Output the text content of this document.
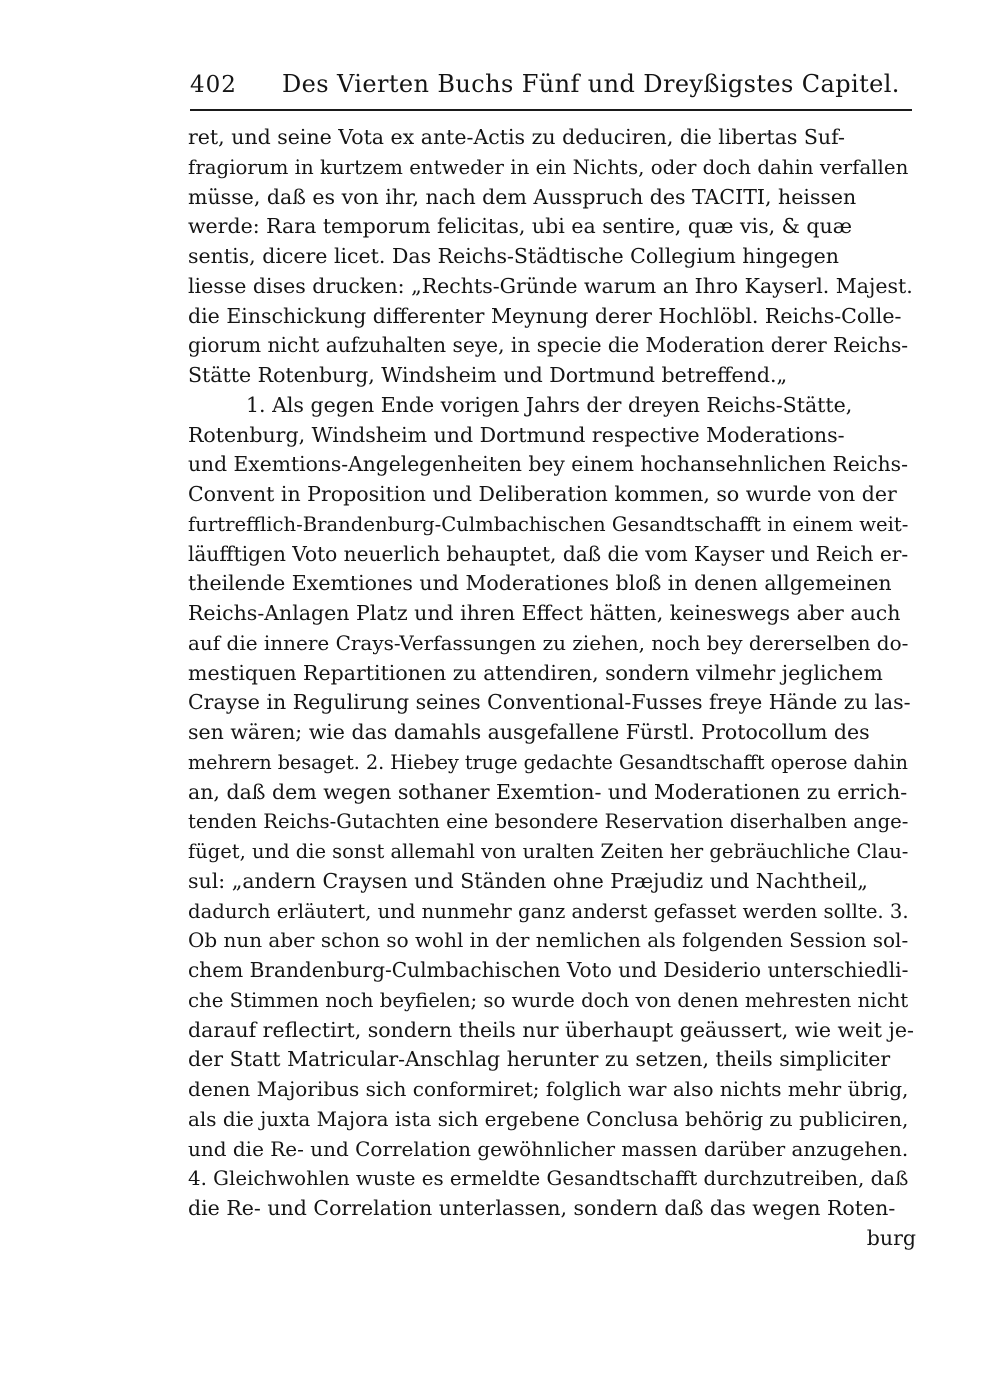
402 Des Vierten Buchs Fünf und Dreyßigstes Capitel.
ret, und seine Vota ex ante-Actis zu deduciren, die libertas Suf-
fragiorum in kurtzem entweder in ein Nichts, oder doch dahin verfallen
müsse, daß es von ihr, nach dem Ausspruch des TACITI, heissen
werde: Rara temporum felicitas, ubi ea sentire, quæ vis, & quæ
sentis, dicere licet. Das Reichs-Städtische Collegium hingegen
liesse dises drucken: „Rechts-Gründe warum an Ihro Kayserl. Majest.
die Einschickung differenter Meynung derer Hochlöbl. Reichs-Colle-
giorum nicht aufzuhalten seye, in specie die Moderation derer Reichs-
Stätte Rotenburg, Windsheim und Dortmund betreffend.„
1. Als gegen Ende vorigen Jahrs der dreyen Reichs-Stätte,
Rotenburg, Windsheim und Dortmund respective Moderations-
und Exemtions-Angelegenheiten bey einem hochansehnlichen Reichs-
Convent in Proposition und Deliberation kommen, so wurde von der
furtrefflich-Brandenburg-Culmbachischen Gesandtschafft in einem weit-
läufftigen Voto neuerlich behauptet, daß die vom Kayser und Reich er-
theilende Exemtiones und Moderationes bloß in denen allgemeinen
Reichs-Anlagen Platz und ihren Effect hätten, keineswegs aber auch
auf die innere Crays-Verfassungen zu ziehen, noch bey dererselben do-
mestiquen Repartitionen zu attendiren, sondern vilmehr jeglichem
Crayse in Regulirung seines Conventional-Fusses freye Hände zu las-
sen wären; wie das damahls ausgefallene Fürstl. Protocollum des
mehrern besaget. 2. Hiebey truge gedachte Gesandtschafft operose dahin
an, daß dem wegen sothaner Exemtion- und Moderationen zu errich-
tenden Reichs-Gutachten eine besondere Reservation diserhalben ange-
füget, und die sonst allemahl von uralten Zeiten her gebräuchliche Clau-
sul: „andern Craysen und Ständen ohne Præjudiz und Nachtheil„
dadurch erläutert, und nunmehr ganz anderst gefasset werden sollte. 3.
Ob nun aber schon so wohl in der nemlichen als folgenden Session sol-
chem Brandenburg-Culmbachischen Voto und Desiderio unterschiedli-
che Stimmen noch beyfielen; so wurde doch von denen mehresten nicht
darauf reflectirt, sondern theils nur überhaupt geäussert, wie weit je-
der Statt Matricular-Anschlag herunter zu setzen, theils simpliciter
denen Majoribus sich conformiret; folglich war also nichts mehr übrig,
als die juxta Majora ista sich ergebene Conclusa behörig zu publiciren,
und die Re- und Correlation gewöhnlicher massen darüber anzugehen.
4. Gleichwohlen wuste es ermeldte Gesandtschafft durchzutreiben, daß
die Re- und Correlation unterlassen, sondern daß das wegen Roten-
burg
